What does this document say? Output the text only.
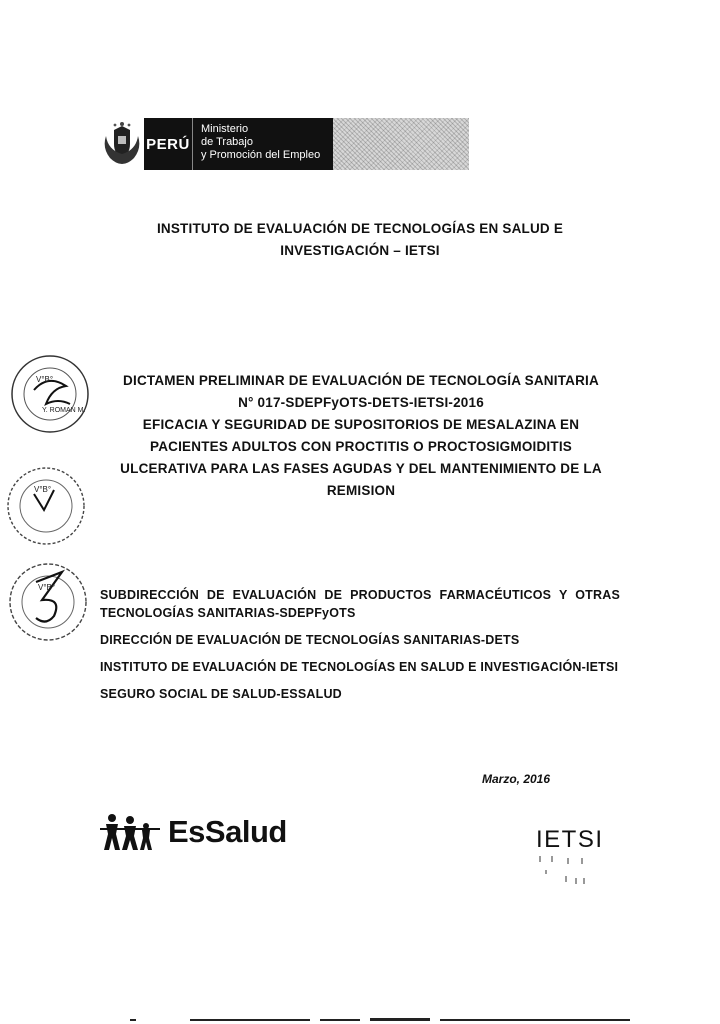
PERÚ
Ministerio
de Trabajo
y Promoción del Empleo
INSTITUTO DE EVALUACIÓN DE TECNOLOGÍAS EN SALUD E
INVESTIGACIÓN – IETSI
V°B°
Y. ROMAN M.
V°B°
V°B°
DICTAMEN PRELIMINAR DE EVALUACIÓN DE TECNOLOGÍA SANITARIA
N° 017-SDEPFyOTS-DETS-IETSI-2016
EFICACIA Y SEGURIDAD DE SUPOSITORIOS DE MESALAZINA EN
PACIENTES ADULTOS CON PROCTITIS O PROCTOSIGMOIDITIS
ULCERATIVA PARA LAS FASES AGUDAS Y DEL MANTENIMIENTO DE LA
REMISION

SUBDIRECCIÓN DE EVALUACIÓN DE PRODUCTOS FARMACÉUTICOS Y OTRAS TECNOLOGÍAS SANITARIAS-SDEPFyOTS

DIRECCIÓN DE EVALUACIÓN DE TECNOLOGÍAS SANITARIAS-DETS

INSTITUTO DE EVALUACIÓN DE TECNOLOGÍAS EN SALUD E INVESTIGACIÓN-IETSI

SEGURO SOCIAL DE SALUD-ESSALUD

Marzo, 2016
EsSalud	IETSI
